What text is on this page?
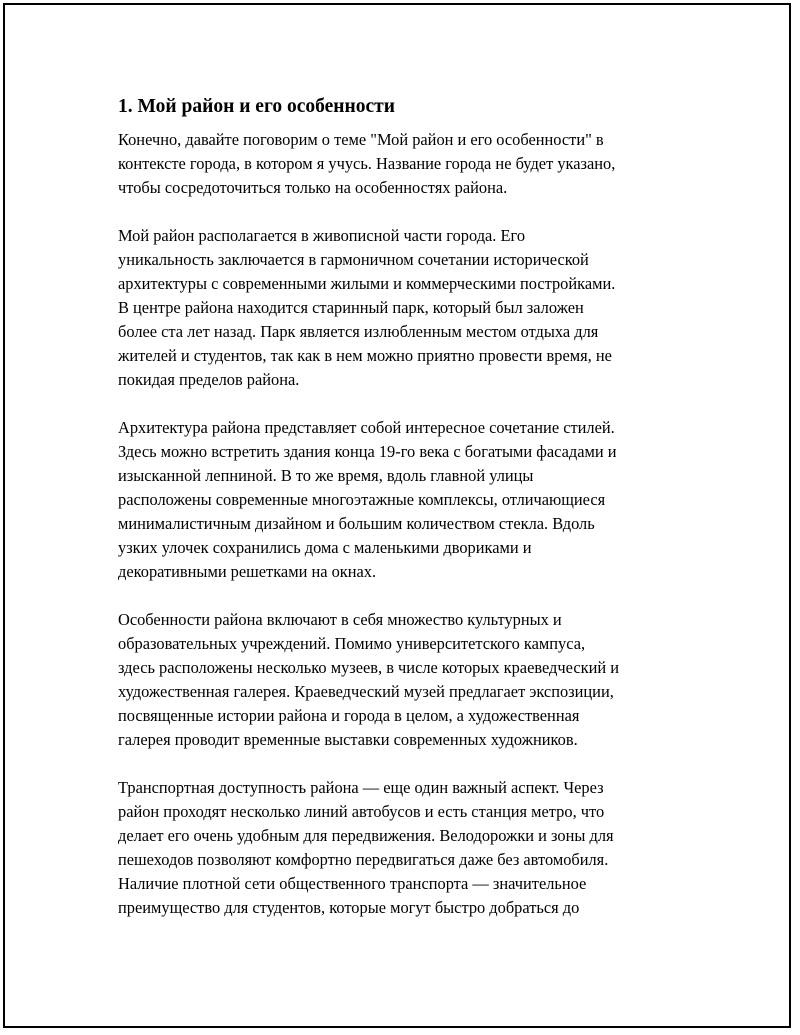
1. Мой район и его особенности
Конечно, давайте поговорим о теме "Мой район и его особенности" в
контексте города, в котором я учусь. Название города не будет указано,
чтобы сосредоточиться только на особенностях района.
Мой район располагается в живописной части города. Его
уникальность заключается в гармоничном сочетании исторической
архитектуры с современными жилыми и коммерческими постройками.
В центре района находится старинный парк, который был заложен
более ста лет назад. Парк является излюбленным местом отдыха для
жителей и студентов, так как в нем можно приятно провести время, не
покидая пределов района.
Архитектура района представляет собой интересное сочетание стилей.
Здесь можно встретить здания конца 19-го века с богатыми фасадами и
изысканной лепниной. В то же время, вдоль главной улицы
расположены современные многоэтажные комплексы, отличающиеся
минималистичным дизайном и большим количеством стекла. Вдоль
узких улочек сохранились дома с маленькими двориками и
декоративными решетками на окнах.
Особенности района включают в себя множество культурных и
образовательных учреждений. Помимо университетского кампуса,
здесь расположены несколько музеев, в числе которых краеведческий и
художественная галерея. Краеведческий музей предлагает экспозиции,
посвященные истории района и города в целом, а художественная
галерея проводит временные выставки современных художников.
Транспортная доступность района — еще один важный аспект. Через
район проходят несколько линий автобусов и есть станция метро, что
делает его очень удобным для передвижения. Велодорожки и зоны для
пешеходов позволяют комфортно передвигаться даже без автомобиля.
Наличие плотной сети общественного транспорта — значительное
преимущество для студентов, которые могут быстро добраться до
